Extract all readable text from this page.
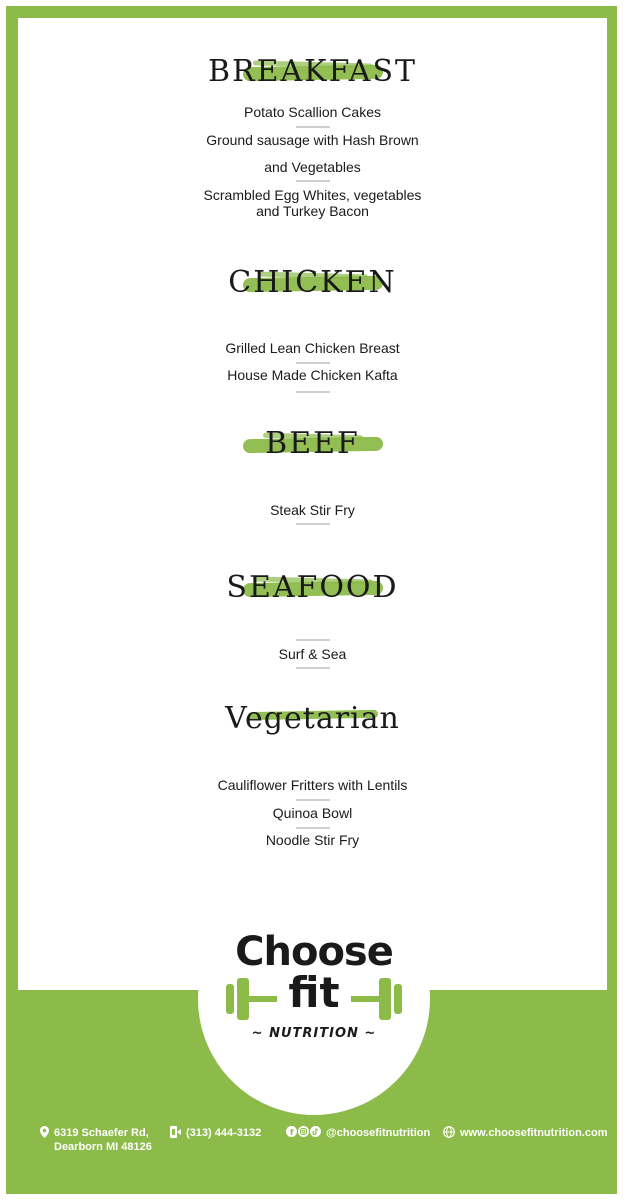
BREAKFAST
Potato Scallion Cakes
Ground sausage with Hash Brown
and Vegetables
Scrambled Egg Whites, vegetables
and Turkey Bacon
CHICKEN
Grilled Lean Chicken Breast
House Made Chicken Kafta
BEEF
Steak Stir Fry
SEAFOOD
Surf & Sea
Vegetarian
Cauliflower Fritters with Lentils
Quinoa Bowl
Noodle Stir Fry
Choose
fit
~ NUTRITION ~
6319 Schaefer Rd,
Dearborn MI 48126
(313) 444-3132	f	@choosefitnutrition	www.choosefitnutrition.com
